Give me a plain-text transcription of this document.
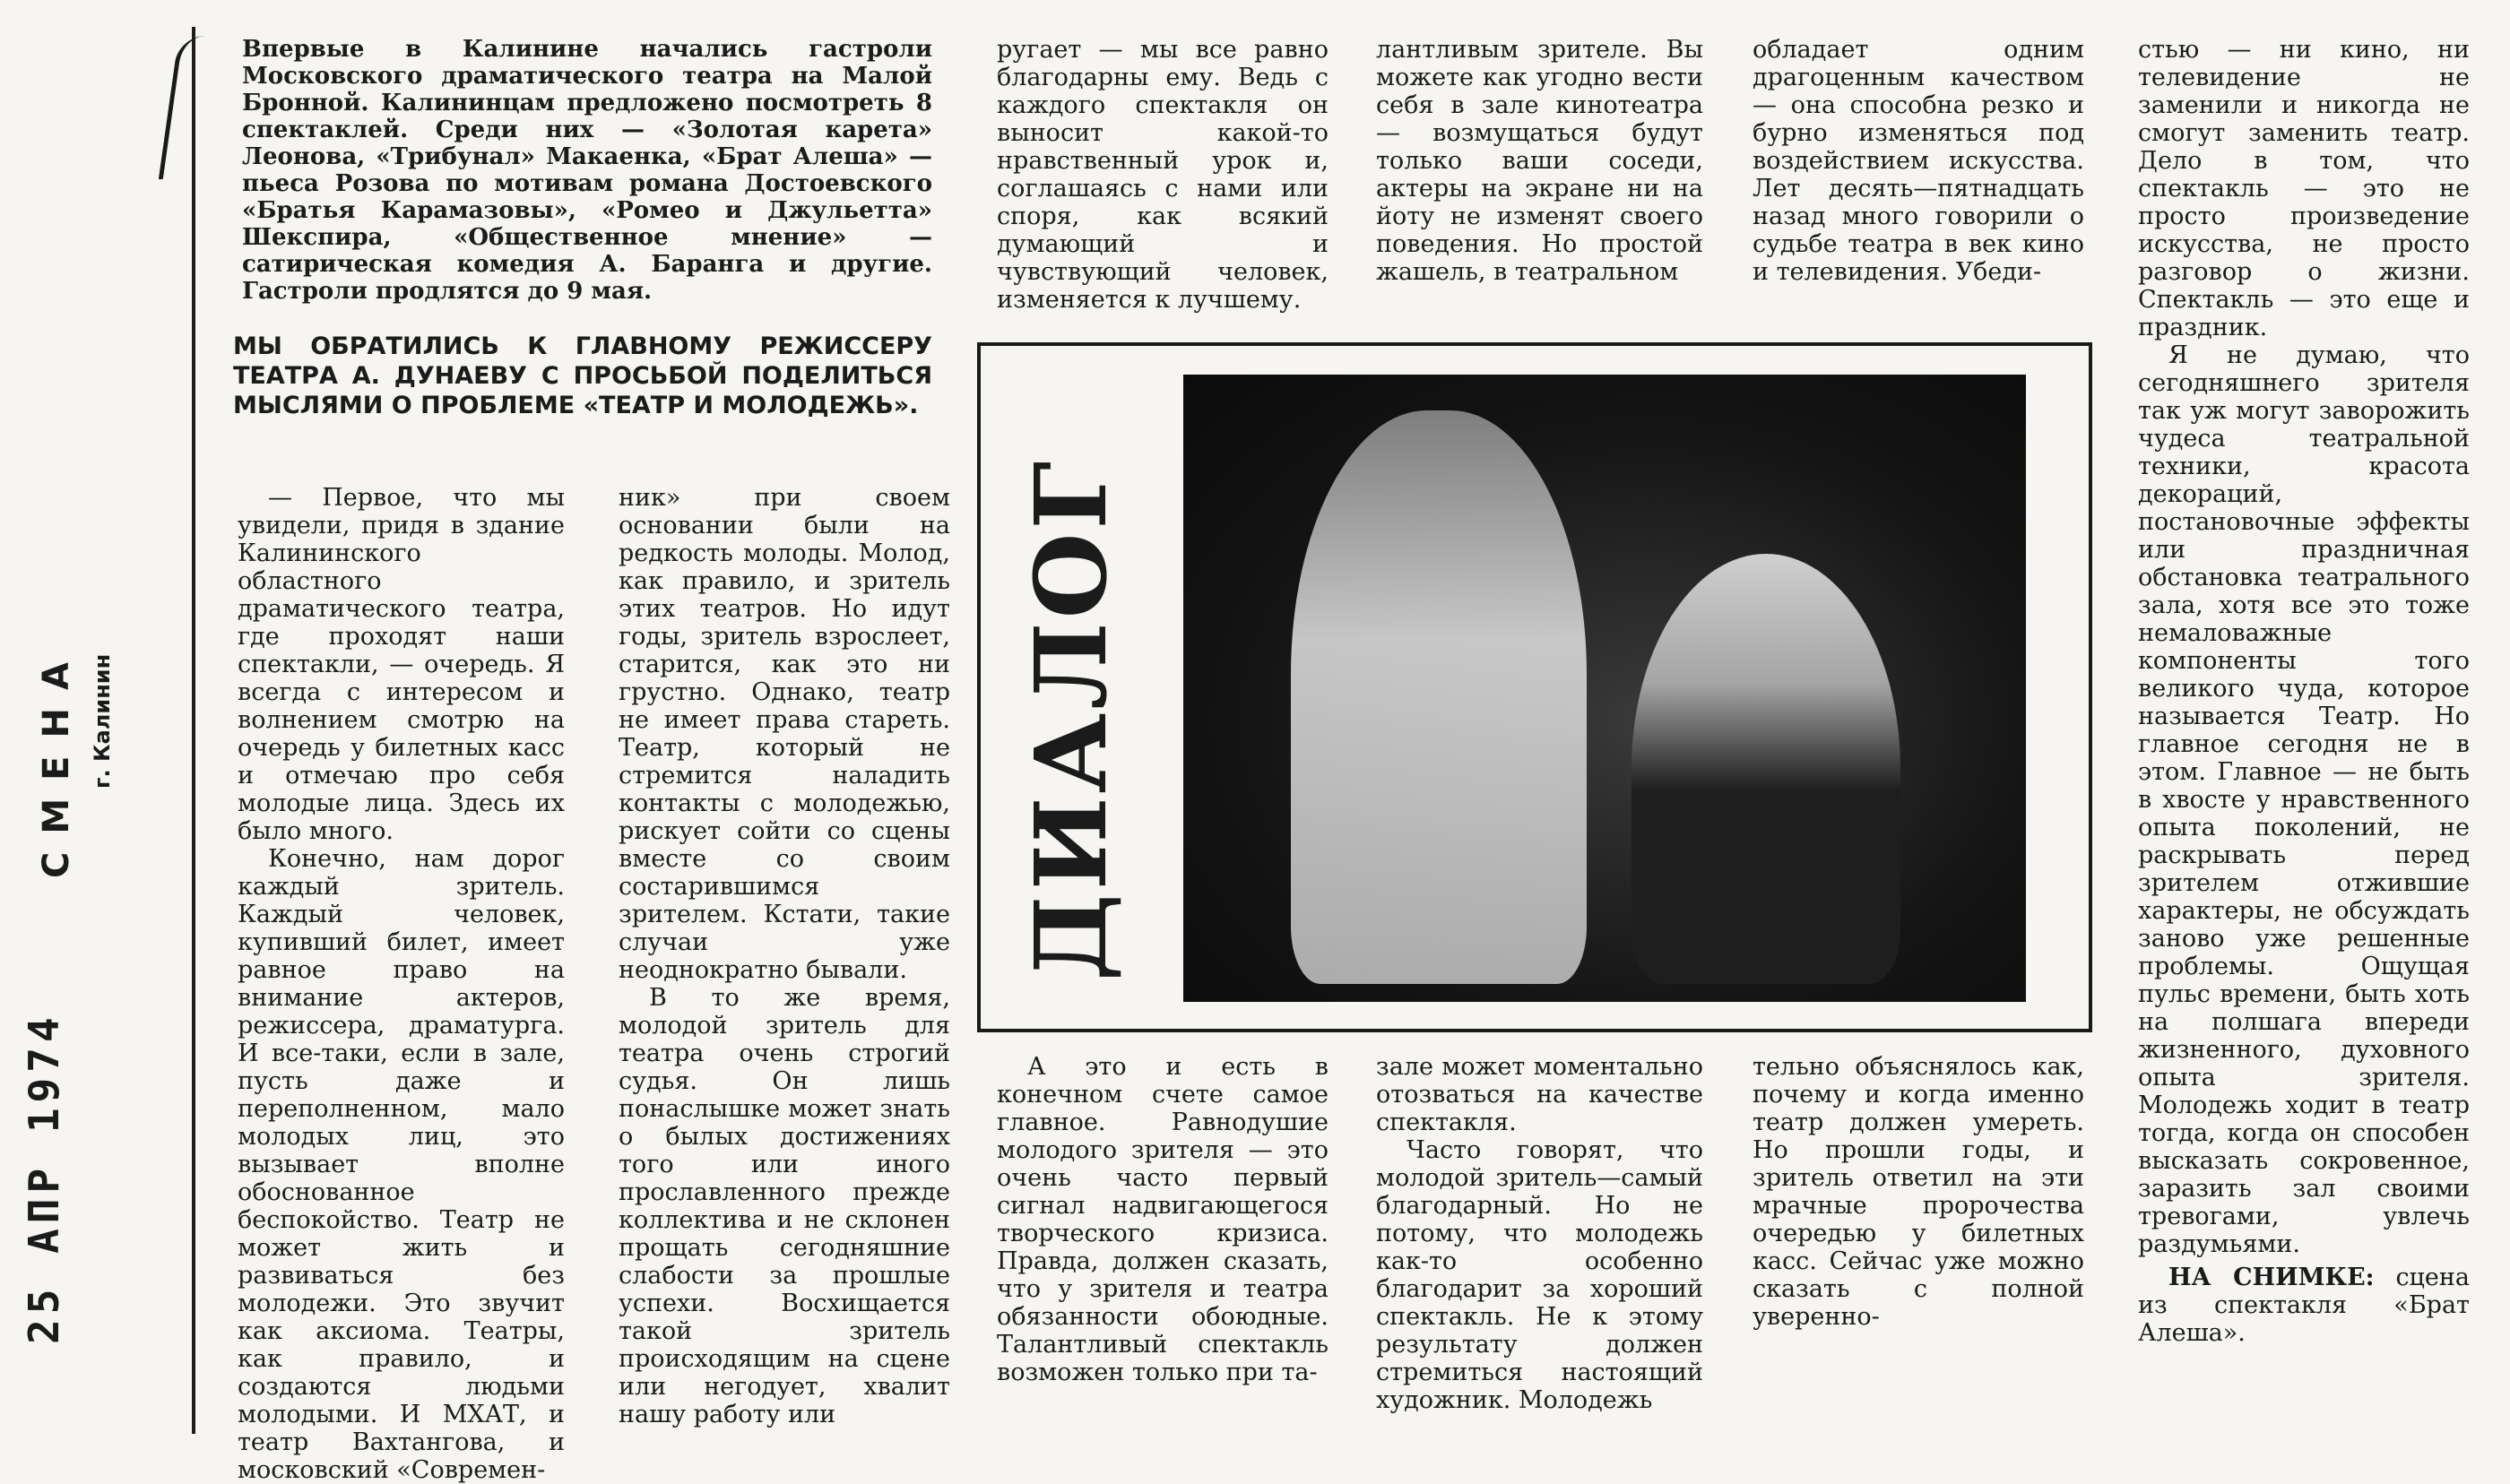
СМЕНА г. Калинин
25 АПР 1974

Впервые в Калинине начались гастроли Московского драматического театра на Малой Бронной. Калининцам предложено посмотреть 8 спектаклей. Среди них — «Золотая карета» Леонова, «Трибунал» Макаенка, «Брат Алеша» — пьеса Розова по мотивам романа Достоевского «Братья Карамазовы», «Ромео и Джульетта» Шекспира, «Общественное мнение» — сатирическая комедия А. Баранга и другие. Гастроли продлятся до 9 мая.

МЫ ОБРАТИЛИСЬ К ГЛАВНОМУ РЕЖИССЕРУ ТЕАТРА А. ДУНАЕВУ С ПРОСЬБОЙ ПОДЕЛИТЬСЯ МЫСЛЯМИ О ПРОБЛЕМЕ «ТЕАТР И МОЛОДЕЖЬ».

— Первое, что мы увидели, придя в здание Калининского областного драматического театра, где проходят наши спектакли, — очередь. Я всегда с интересом и волнением смотрю на очередь у билетных касс и отмечаю про себя молодые лица. Здесь их было много.

Конечно, нам дорог каждый зритель. Каждый человек, купивший билет, имеет равное право на внимание актеров, режиссера, драматурга. И все-таки, если в зале, пусть даже и переполненном, мало молодых лиц, это вызывает вполне обоснованное беспокойство. Театр не может жить и развиваться без молодежи. Это звучит как аксиома. Театры, как правило, и создаются людьми молодыми. И МХАТ, и театр Вахтангова, и московский «Современ-

ник» при своем основании были на редкость молоды. Молод, как правило, и зритель этих театров. Но идут годы, зритель взрослеет, старится, как это ни грустно. Однако, театр не имеет права стареть. Театр, который не стремится наладить контакты с молодежью, рискует сойти со сцены вместе со своим состарившимся зрителем. Кстати, такие случаи уже неоднократно бывали.

В то же время, молодой зритель для театра очень строгий судья. Он лишь понаслышке может знать о былых достижениях того или иного прославленного прежде коллектива и не склонен прощать сегодняшние слабости за прошлые успехи. Восхищается такой зритель происходящим на сцене или негодует, хвалит нашу работу или

ругает — мы все равно благодарны ему. Ведь с каждого спектакля он выносит какой-то нравственный урок и, соглашаясь с нами или споря, как всякий думающий и чувствующий человек, изменяется к лучшему.

лантливым зрителе. Вы можете как угодно вести себя в зале кинотеатра — возмущаться будут только ваши соседи, актеры на экране ни на йоту не изменят своего поведения. Но простой жашель, в театральном

обладает одним драгоценным качеством — она способна резко и бурно изменяться под воздействием искусства. Лет десять—пятнадцать назад много говорили о судьбе театра в век кино и телевидения. Убеди-

ДИАЛОГ

А это и есть в конечном счете самое главное. Равнодушие молодого зрителя — это очень часто первый сигнал надвигающегося творческого кризиса. Правда, должен сказать, что у зрителя и театра обязанности обоюдные. Талантливый спектакль возможен только при та-

зале может моментально отозваться на качестве спектакля.

Часто говорят, что молодой зритель—самый благодарный. Но не потому, что молодежь как-то особенно благодарит за хороший спектакль. Не к этому результату должен стремиться настоящий художник. Молодежь

тельно объяснялось как, почему и когда именно театр должен умереть. Но прошли годы, и зритель ответил на эти мрачные пророчества очередью у билетных касс. Сейчас уже можно сказать с полной уверенно-

стью — ни кино, ни телевидение не заменили и никогда не смогут заменить театр. Дело в том, что спектакль — это не просто произведение искусства, не просто разговор о жизни. Спектакль — это еще и праздник.

Я не думаю, что сегодняшнего зрителя так уж могут заворожить чудеса театральной техники, красота декораций, постановочные эффекты или праздничная обстановка театрального зала, хотя все это тоже немаловажные компоненты того великого чуда, которое называется Театр. Но главное сегодня не в этом. Главное — не быть в хвосте у нравственного опыта поколений, не раскрывать перед зрителем отжившие характеры, не обсуждать заново уже решенные проблемы. Ощущая пульс времени, быть хоть на полшага впереди жизненного, духовного опыта зрителя. Молодежь ходит в театр тогда, когда он способен высказать сокровенное, заразить зал своими тревогами, увлечь раздумьями.

НА СНИМКЕ: сцена из спектакля «Брат Алеша».
